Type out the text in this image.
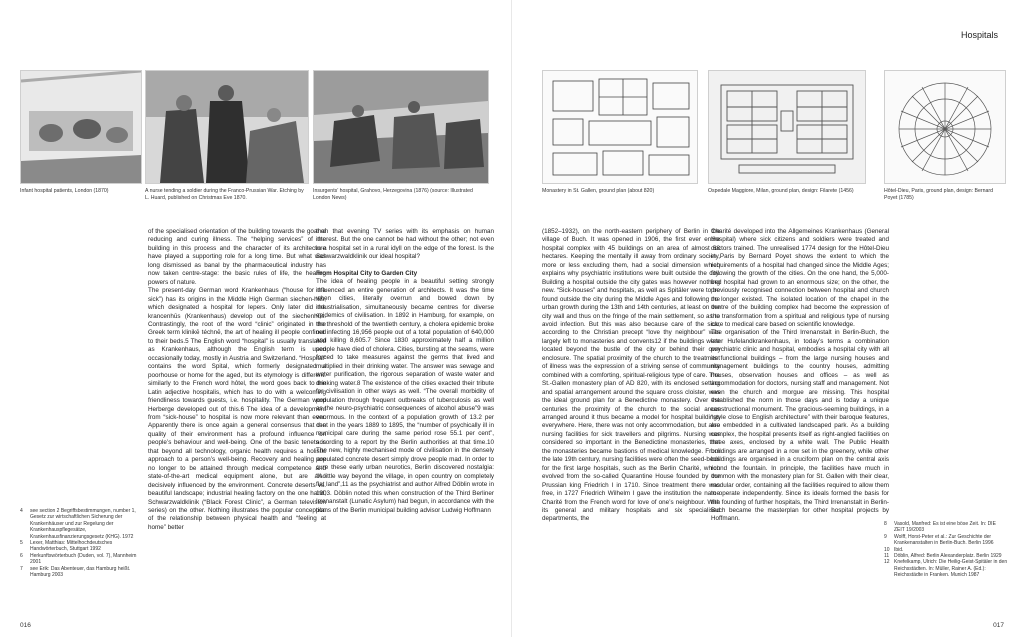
Infant hospital patients, London (1870)	A nurse tending a soldier during the Franco-Prussian War. Etching by L. Huard, published on Christmas Eve 1870.
Insurgents’ hospital, Grahovo, Herzegovina (1876) (source: Illustrated London News)

of the specialised orientation of the building towards the goal of reducing and curing illness. The “helping services” of the building in this process and the character of its architecture have played a supporting role for a long time. But what was long dismissed as banal by the pharmaceutical industry has now taken centre-stage: the basic rules of life, the healing powers of nature.

The present-day German word Krankenhaus (“house for the sick”) has its origins in the Middle High German siechen-hūs, which designated a hospital for lepers. Only later did the krancenhūs (Krankenhaus) develop out of the siechenhūs. Contrastingly, the root of the word “clinic” originated in the Greek term klinikē téchnē, the art of healing ill people confined to their beds.5 The English word “hospital” is usually translated as Krankenhaus, although the English term is used occasionally today, mostly in Austria and Switzerland. “Hospital” contains the word Spital, which formerly designated a poorhouse or home for the aged, but its etymology is different: similarly to the French word hôtel, the word goes back to the Latin adjective hospitalis, which has to do with a welcoming friendliness towards guests, i.e. hospitality. The German word Herberge developed out of this.6 The idea of a development from “sick-house” to hospital is now more relevant than ever. Apparently there is once again a general consensus that the quality of their environment has a profound influence on people’s behaviour and well-being. One of the basic tenets is that beyond all technology, organic health requires a holistic approach to a person’s well-being. Recovery and healing are no longer to be attained through medical competence and state-of-the-art medical equipment alone, but are also decisively influenced by the environment. Concrete deserts vs. beautiful landscape; industrial healing factory on the one hand, Schwarzwaldklinik (“Black Forest Clinic”, a German television series) on the other. Nothing illustrates the popular conception of the relationship between physical health and “feeling at home” better

than that evening TV series with its emphasis on human interest. But the one cannot be had without the other; not even in a hospital set in a rural idyll on the edge of the forest. Is the Schwarzwaldklinik our ideal hospital?

From Hospital City to Garden City

The idea of healing people in a beautiful setting strongly influenced an entire generation of architects. It was the time when cities, literally overrun and bowed down by industrialisation, simultaneously became centres for diverse epidemics of civilisation. In 1892 in Hamburg, for example, on the threshold of the twentieth century, a cholera epidemic broke out infecting 16,956 people out of a total population of 640,000 and killing 8,605.7 Since 1830 approximately half a million people have died of cholera. Cities, bursting at the seams, were forced to take measures against the germs that lived and multiplied in their drinking water. The answer was sewage and water purification, the rigorous separation of waste water and drinking water.8 The existence of the cities exacted their tribute for civilisation in other ways as well. “The overall morbidity of population through frequent outbreaks of tuberculosis as well as the neuro-psychiatric consequences of alcohol abuse”9 was enormous. In the context of a population growth of 13.2 per cent in the years 1889 to 1895, the “number of psychically ill in municipal care during the same period rose 55.1 per cent”, according to a report by the Berlin authorities at that time.10 The new, highly mechanised mode of civilisation in the densely populated concrete desert simply drove people mad. In order to cure these early urban neurotics, Berlin discovered nostalgia: “A little way beyond the village, in open country on completely flat land”,11 as the psychiatrist and author Alfred Döblin wrote in 1903. Döblin noted this when construction of the Third Berliner Irrenanstalt (Lunatic Asylum) had begun, in accordance with the plans of the Berlin municipal building advisor Ludwig Hoffmann

4	see section 2 Begriffsbestimmungen, number 1, Gesetz zur wirtschaftlichen Sicherung der Krankenhäuser und zur Regelung der Krankenhauspflegesätze, Krankenhausfinanzierungsgesetz (KHG). 1972
5	Lexer, Matthias: Mittelhochdeutsches Handwörterbuch, Stuttgart 1992
6	Herkunftswörterbuch (Duden, vol. 7), Mannheim 2001
7	see Erik: Das Abenteuer, das Hamburg heißt. Hamburg 2003
016
Hospitals
Monastery in St. Gallen, ground plan (about 820)	Ospedale Maggiore, Milan, ground plan, design: Filarete (1456)	Hôtel-Dieu, Paris, ground plan, design: Bernard Poyet (1785)

(1852–1932), on the north-eastern periphery of Berlin in the village of Buch. It was opened in 1906, the first ever entire hospital complex with 45 buildings on an area of almost 68 hectares. Keeping the mentally ill away from ordinary society, more or less excluding them, had a social dimension which explains why psychiatric institutions were built outside the city. Building a hospital outside the city gates was however nothing new. “Sick-houses” and hospitals, as well as Spitäler were to be found outside the city during the Middle Ages and following the urban growth during the 13th and 14th centuries, at least on the city wall and thus on the fringe of the main settlement, so as to avoid infection. But this was also because care of the sick, according to the Christian precept “love thy neighbour” was largely left to monasteries and convents12 if the buildings were located beyond the bustle of the city or behind their own enclosure. The spatial proximity of the church to the treatment of illness was the expression of a striving sense of community combined with a comforting, spiritual-religious type of care. The St.-Gallen monastery plan of AD 820, with its enclosed setting and spatial arrangement around the square cross cloister, was the ideal ground plan for a Benedictine monastery. Over the centuries the proximity of the church to the social areas arranged around it thus became a model for hospital buildings everywhere. Here, there was not only accommodation, but also nursing facilities for sick travellers and pilgrims. Nursing was considered so important in the Benedictine monasteries, that the monasteries became bastions of medical knowledge. From the late 19th century, nursing facilities were often the seed-beds for the first large hospitals, such as the Berlin Charité, which evolved from the so-called Quarantine House founded by the Prussian king Friedrich I in 1710. Since treatment there was free, in 1727 Friedrich Wilhelm I gave the institution the name Charité from the French word for love of one’s neighbour. With its general and military hospitals and six specialised departments, the

Charité developed into the Allgemeines Krankenhaus (General Hospital) where sick citizens and soldiers were treated and doctors trained. The unrealised 1774 design for the Hôtel-Dieu in Paris by Bernard Poyet shows the extent to which the requirements of a hospital had changed since the Middle Ages; following the growth of the cities. On the one hand, the 5,000-bed hospital had grown to an enormous size; on the other, the previously recognised connection between hospital and church no longer existed. The isolated location of the chapel in the centre of the building complex had become the expression of the transformation from a spiritual and religious type of nursing care to medical care based on scientific knowledge.

The organisation of the Third Irrenanstalt in Berlin-Buch, the later Hufelandkrankenhaus, in today’s terms a combination psychiatric clinic and hospital, embodies a hospital city with all its functional buildings – from the large nursing houses and management buildings to the country houses, admitting houses, observation houses and offices – as well as accommodation for doctors, nursing staff and management. Not even the church and morgue are missing. This hospital established the norm in those days and is today a unique constructional monument. The gracious-seeming buildings, in a “style close to English architecture” with their baroque features, are embedded in a cultivated landscaped park. As a building complex, the hospital presents itself as right-angled facilities on three axes, enclosed by a white wall. The Public Health buildings are arranged in a row set in the greenery, while other buildings are organised in a cruciform plan on the central axis round the fountain. In principle, the facilities have much in common with the monastery plan for St. Gallen with their clear, modular order, containing all the facilities required to allow them to operate independently. Since its ideals formed the basis for the founding of further hospitals, the Third Irrenanstalt in Berlin-Buch became the masterplan for other hospital projects by Hoffmann.

8	Vasold, Manfred: Es ist eine böse Zeit. In: DIE ZEIT 19/2003
9	Wolff, Horst-Peter et al.: Zur Geschichte der Krankenanstalten in Berlin-Buch. Berlin 1996
10 Ibid.
11 Döblin, Alfred: Berlin Alexanderplatz. Berlin 1929
12 Knefelkamp, Ulrich: Die Heilig-Geist-Spitäler in den Reichsstädten. In: Müller, Rainer A. (Ed.): Reichsstädte in Franken. Munich 1987
017
